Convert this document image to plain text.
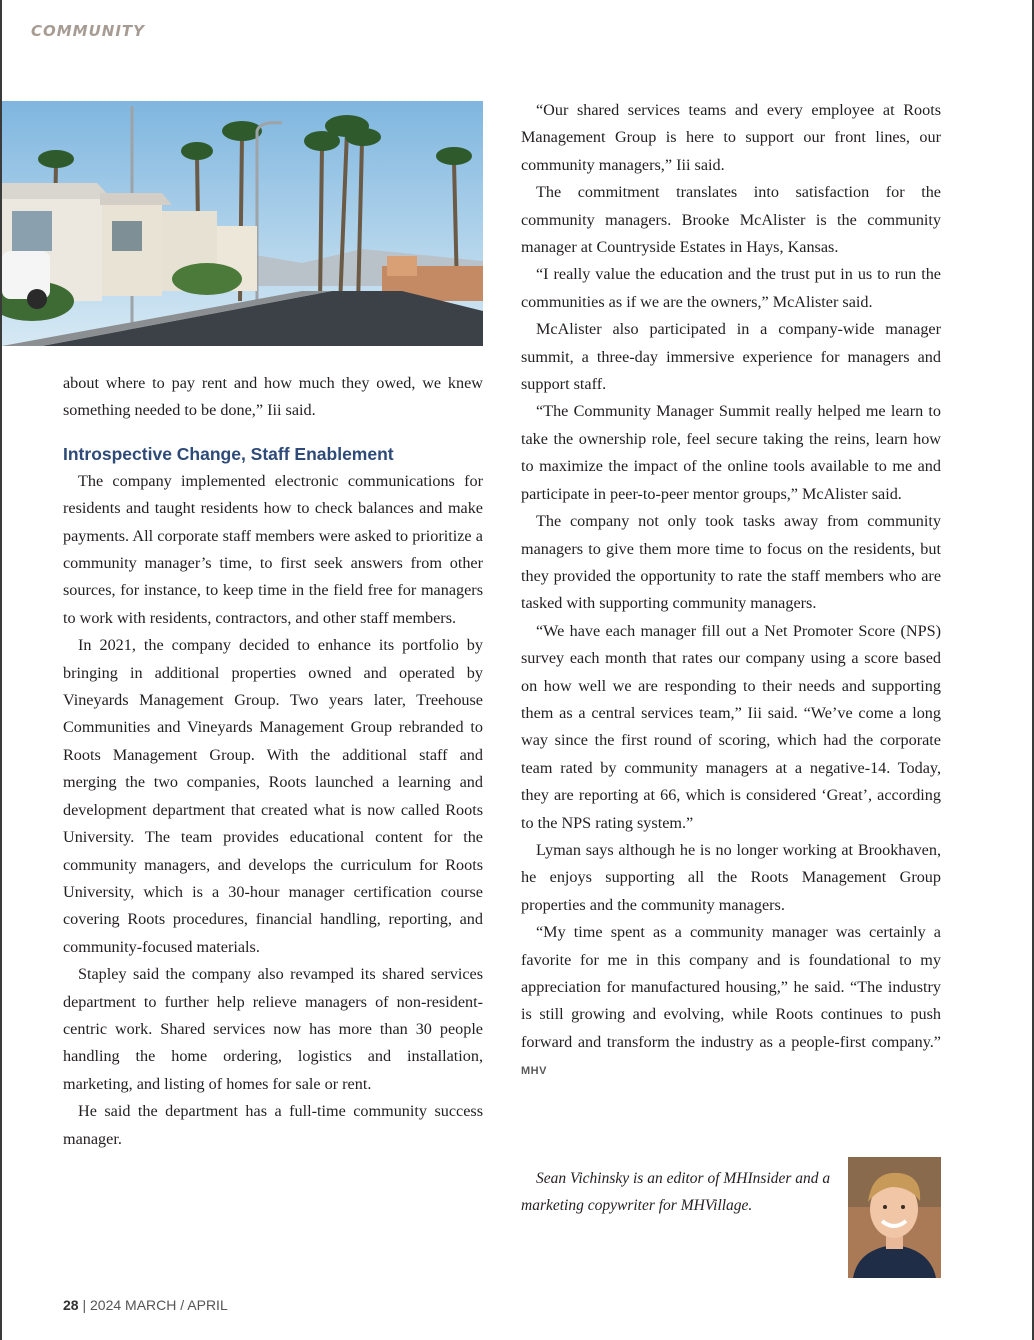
COMMUNITY

about where to pay rent and how much they owed, we knew something needed to be done,” Iii said.

Introspective Change, Staff Enablement

The company implemented electronic communications for residents and taught residents how to check balances and make payments. All corporate staff members were asked to prioritize a community manager’s time, to first seek answers from other sources, for instance, to keep time in the field free for managers to work with residents, contractors, and other staff members.

In 2021, the company decided to enhance its portfolio by bringing in additional properties owned and operated by Vineyards Management Group. Two years later, Treehouse Communities and Vineyards Management Group rebranded to Roots Management Group. With the additional staff and merging the two companies, Roots launched a learning and development department that created what is now called Roots University. The team provides educational content for the community managers, and develops the curriculum for Roots University, which is a 30-hour manager certification course covering Roots procedures, financial handling, reporting, and community-focused materials.

Stapley said the company also revamped its shared services department to further help relieve managers of non-resident-centric work. Shared services now has more than 30 people handling the home ordering, logistics and installation, marketing, and listing of homes for sale or rent.

He said the department has a full-time community success manager.

“Our shared services teams and every employee at Roots Management Group is here to support our front lines, our community managers,” Iii said.

The commitment translates into satisfaction for the community managers. Brooke McAlister is the community manager at Countryside Estates in Hays, Kansas.

“I really value the education and the trust put in us to run the communities as if we are the owners,” McAlister said.

McAlister also participated in a company-wide manager summit, a three-day immersive experience for managers and support staff.

“The Community Manager Summit really helped me learn to take the ownership role, feel secure taking the reins, learn how to maximize the impact of the online tools available to me and participate in peer-to-peer mentor groups,” McAlister said.

The company not only took tasks away from community managers to give them more time to focus on the residents, but they provided the opportunity to rate the staff members who are tasked with supporting community managers.

“We have each manager fill out a Net Promoter Score (NPS) survey each month that rates our company using a score based on how well we are responding to their needs and supporting them as a central services team,” Iii said. “We’ve come a long way since the first round of scoring, which had the corporate team rated by community managers at a negative-14. Today, they are reporting at 66, which is considered ‘Great’, according to the NPS rating system.”

Lyman says although he is no longer working at Brookhaven, he enjoys supporting all the Roots Management Group properties and the community managers.

“My time spent as a community manager was certainly a favorite for me in this company and is foundational to my appreciation for manufactured housing,” he said. “The industry is still growing and evolving, while Roots continues to push forward and transform the industry as a people-first company.” MHV

Sean Vichinsky is an editor of MHInsider and a marketing copywriter for MHVillage.
28 | 2024 MARCH / APRIL
